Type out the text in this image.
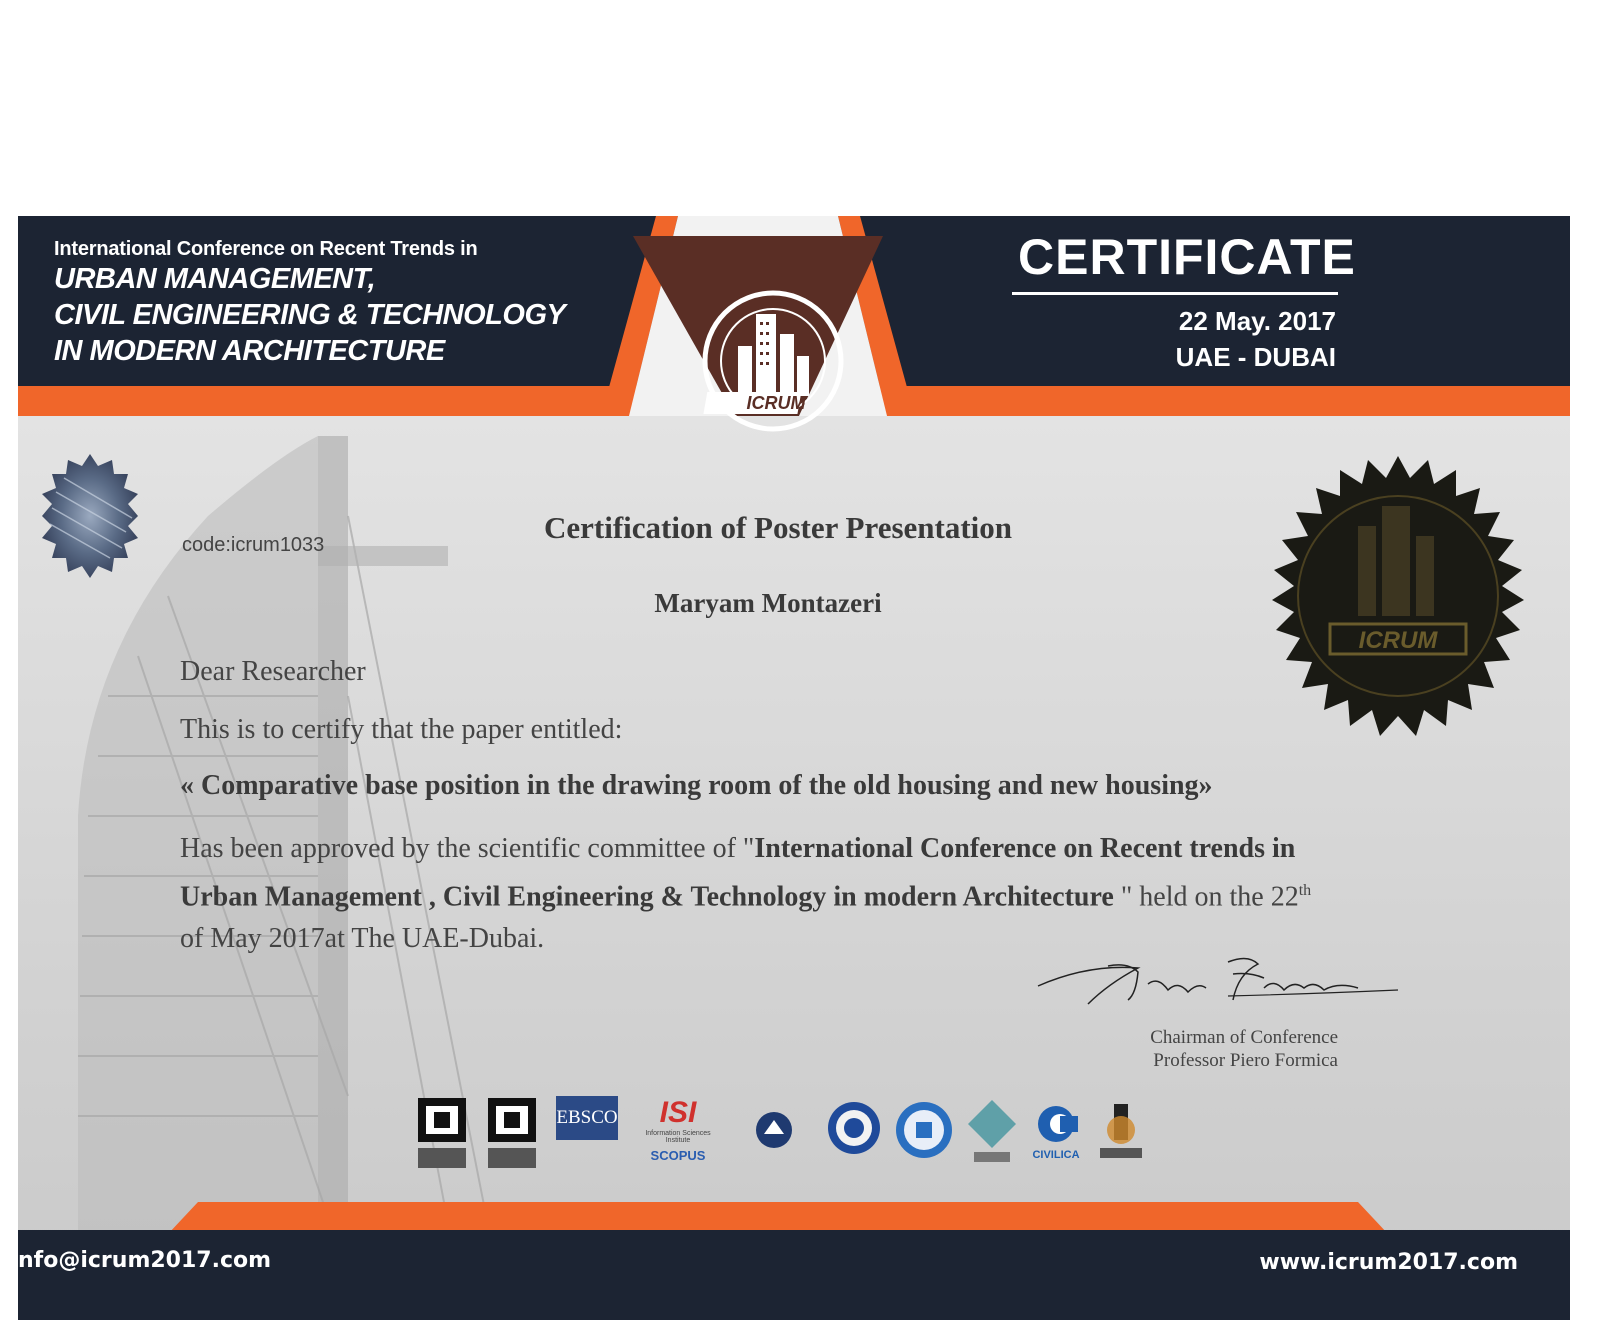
International Conference on Recent Trends in
URBAN MANAGEMENT,
CIVIL ENGINEERING & TECHNOLOGY
IN MODERN ARCHITECTURE
CERTIFICATE
22 May. 2017
UAE - DUBAI
ICRUM
ICRUM
code:icrum1033	Certification of Poster Presentation
Maryam Montazeri
Dear Researcher
This is to certify that the paper entitled:
« Comparative base position in the drawing room of the old housing and new housing»
Has been approved by the scientific committee of "International Conference on Recent trends in Urban Management , Civil Engineering & Technology in modern Architecture " held on the 22th of May 2017at The UAE-Dubai.
Chairman of Conference
Professor Piero Formica
EBSCO	ISI
Information Sciences Institute
SCOPUS	CIVILICA
nfo@icrum2017.com	www.icrum2017.com
